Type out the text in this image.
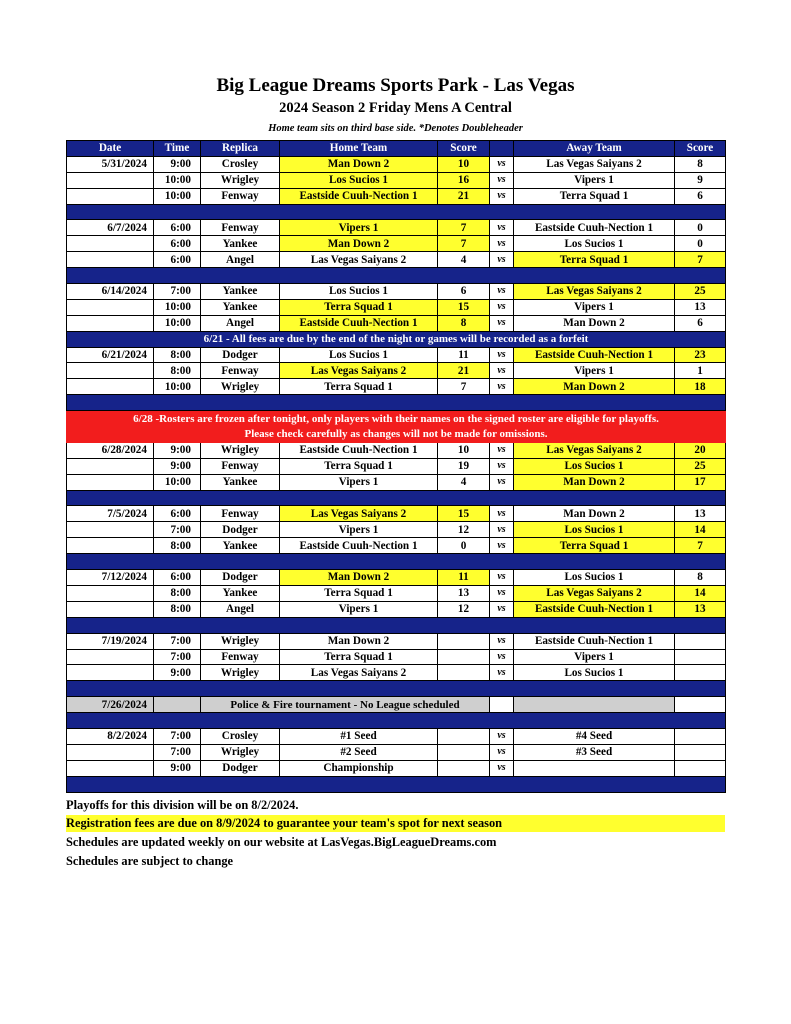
Big League Dreams Sports Park - Las Vegas
2024 Season 2 Friday Mens A Central
Home team sits on third base side. *Denotes Doubleheader
Date	Time	Replica	Home Team	Score		Away Team	Score
5/31/2024	9:00	Crosley	Man Down 2	10	vs	Las Vegas Saiyans 2	8
	10:00	Wrigley	Los Sucios 1	16	vs	Vipers 1	9
	10:00	Fenway	Eastside Cuuh-Nection 1	21	vs	Terra Squad 1	6

6/7/2024	6:00	Fenway	Vipers 1	7	vs	Eastside Cuuh-Nection 1	0
	6:00	Yankee	Man Down 2	7	vs	Los Sucios 1	0
	6:00	Angel	Las Vegas Saiyans 2	4	vs	Terra Squad 1	7

6/14/2024	7:00	Yankee	Los Sucios 1	6	vs	Las Vegas Saiyans 2	25
	10:00	Yankee	Terra Squad 1	15	vs	Vipers 1	13
	10:00	Angel	Eastside Cuuh-Nection 1	8	vs	Man Down 2	6
6/21 - All fees are due by the end of the night or games will be recorded as a forfeit							
6/21/2024	8:00	Dodger	Los Sucios 1	11	vs	Eastside Cuuh-Nection 1	23
	8:00	Fenway	Las Vegas Saiyans 2	21	vs	Vipers 1	1
	10:00	Wrigley	Terra Squad 1	7	vs	Man Down 2	18

6/28 -Rosters are frozen after tonight, only players with their names on the signed roster are eligible for playoffs.							
Please check carefully as changes will not be made for omissions.							
6/28/2024	9:00	Wrigley	Eastside Cuuh-Nection 1	10	vs	Las Vegas Saiyans 2	20
	9:00	Fenway	Terra Squad 1	19	vs	Los Sucios 1	25
	10:00	Yankee	Vipers 1	4	vs	Man Down 2	17

7/5/2024	6:00	Fenway	Las Vegas Saiyans 2	15	vs	Man Down 2	13
	7:00	Dodger	Vipers 1	12	vs	Los Sucios 1	14
	8:00	Yankee	Eastside Cuuh-Nection 1	0	vs	Terra Squad 1	7

7/12/2024	6:00	Dodger	Man Down 2	11	vs	Los Sucios 1	8
	8:00	Yankee	Terra Squad 1	13	vs	Las Vegas Saiyans 2	14
	8:00	Angel	Vipers 1	12	vs	Eastside Cuuh-Nection 1	13

7/19/2024	7:00	Wrigley	Man Down 2		vs	Eastside Cuuh-Nection 1	
	7:00	Fenway	Terra Squad 1		vs	Vipers 1	
	9:00	Wrigley	Las Vegas Saiyans 2		vs	Los Sucios 1	

7/26/2024		Police & Fire tournament - No League scheduled					

8/2/2024	7:00	Crosley	#1 Seed		vs	#4 Seed	
	7:00	Wrigley	#2 Seed		vs	#3 Seed	
	9:00	Dodger	Championship		vs		

Playoffs for this division will be on 8/2/2024.
Registration fees are due on 8/9/2024 to guarantee your team's spot for next season
Schedules are updated weekly on our website at LasVegas.BigLeagueDreams.com
Schedules are subject to change
